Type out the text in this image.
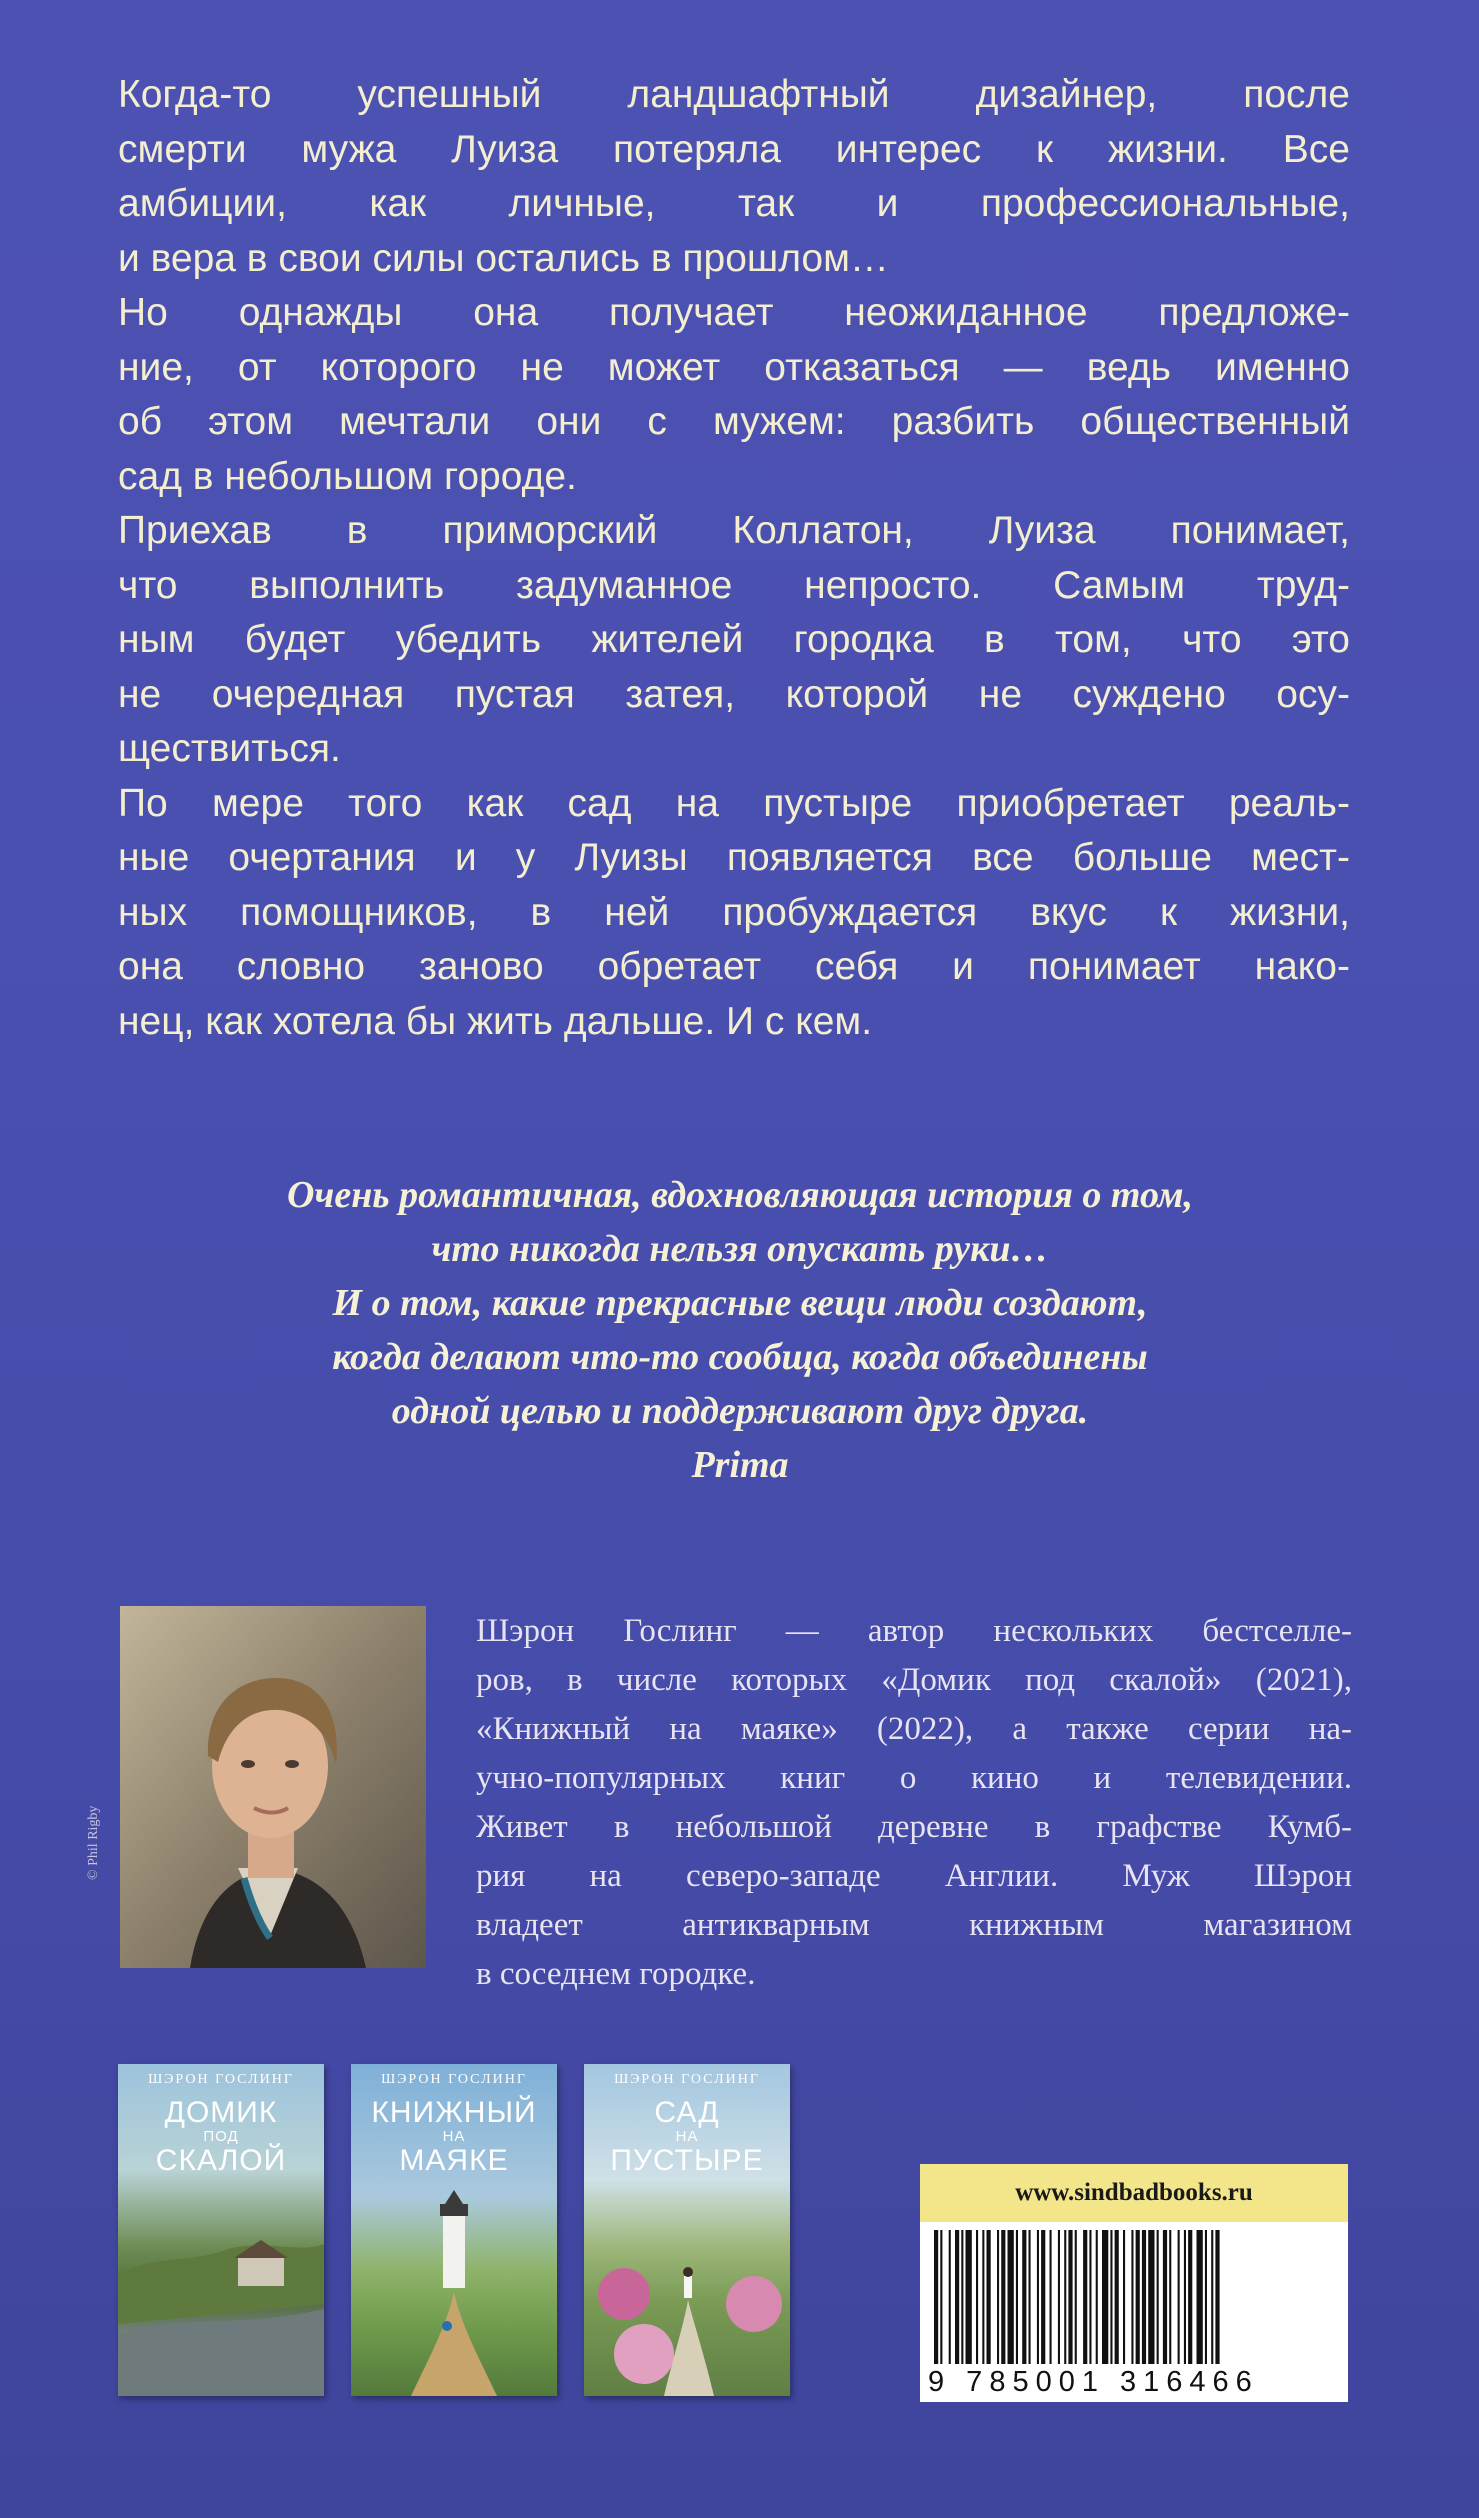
Когда-то успешный ландшафтный дизайнер, после
смерти мужа Луиза потеряла интерес к жизни. Все
амбиции, как личные, так и профессиональные,
и вера в свои силы остались в прошлом…

Но однажды она получает неожиданное предложе-
ние, от которого не может отказаться — ведь именно
об этом мечтали они с мужем: разбить общественный
сад в небольшом городе.

Приехав в приморский Коллатон, Луиза понимает,
что выполнить задуманное непросто. Самым труд-
ным будет убедить жителей городка в том, что это
не очередная пустая затея, которой не суждено осу-
ществиться.

По мере того как сад на пустыре приобретает реаль-
ные очертания и у Луизы появляется все больше мест-
ных помощников, в ней пробуждается вкус к жизни,
она словно заново обретает себя и понимает нако-
нец, как хотела бы жить дальше. И с кем.

Очень романтичная, вдохновляющая история о том,
что никогда нельзя опускать руки…
И о том, какие прекрасные вещи люди создают,
когда делают что-то сообща, когда объединены
одной целью и поддерживают друг друга.
Prima
© Phil Rigby
Шэрон Гослинг — автор нескольких бестселле-
ров, в числе которых «Домик под скалой» (2021),
«Книжный на маяке» (2022), а также серии на-
учно-популярных книг о кино и телевидении.
Живет в небольшой деревне в графстве Кумб-
рия на северо-западе Англии. Муж Шэрон
владеет антикварным книжным магазином
в соседнем городке.
ШЭРОН ГОСЛИНГ
ДОМИК
ПОД
СКАЛОЙ
ШЭРОН ГОСЛИНГ
КНИЖНЫЙ
НА
МАЯКЕ
ШЭРОН ГОСЛИНГ
САД
НА
ПУСТЫРЕ
www.sindbadbooks.ru
9 785001 316466
